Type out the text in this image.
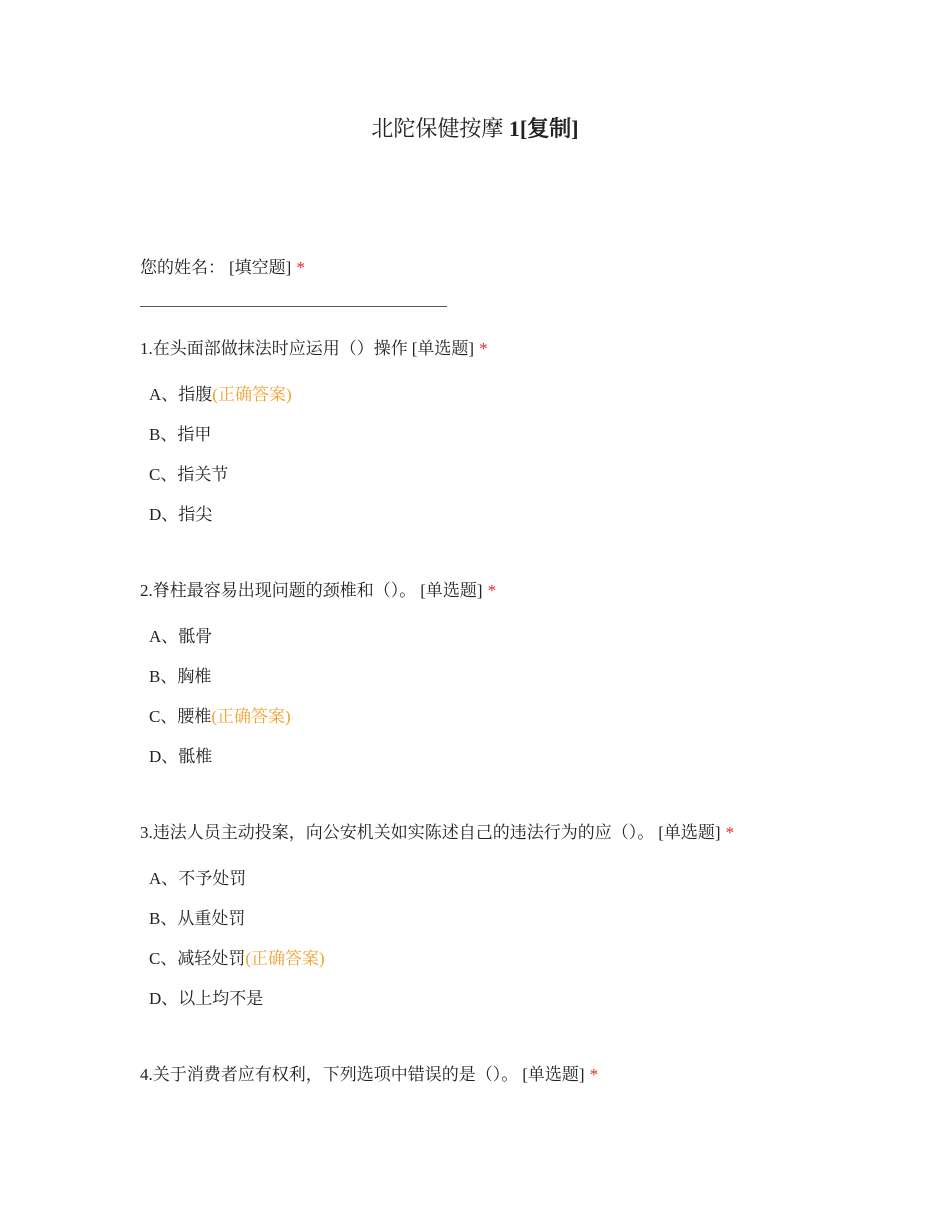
北陀保健按摩 1[复制]
您的姓名： [填空题] *
1.在头面部做抹法时应运用（）操作 [单选题] *
A、指腹(正确答案)
B、指甲
C、指关节
D、指尖
2.脊柱最容易出现问题的颈椎和（）。 [单选题] *
A、骶骨
B、胸椎
C、腰椎(正确答案)
D、骶椎
3.违法人员主动投案，向公安机关如实陈述自己的违法行为的应（）。 [单选题] *
A、不予处罚
B、从重处罚
C、减轻处罚(正确答案)
D、以上均不是
4.关于消费者应有权利，下列选项中错误的是（）。 [单选题] *
